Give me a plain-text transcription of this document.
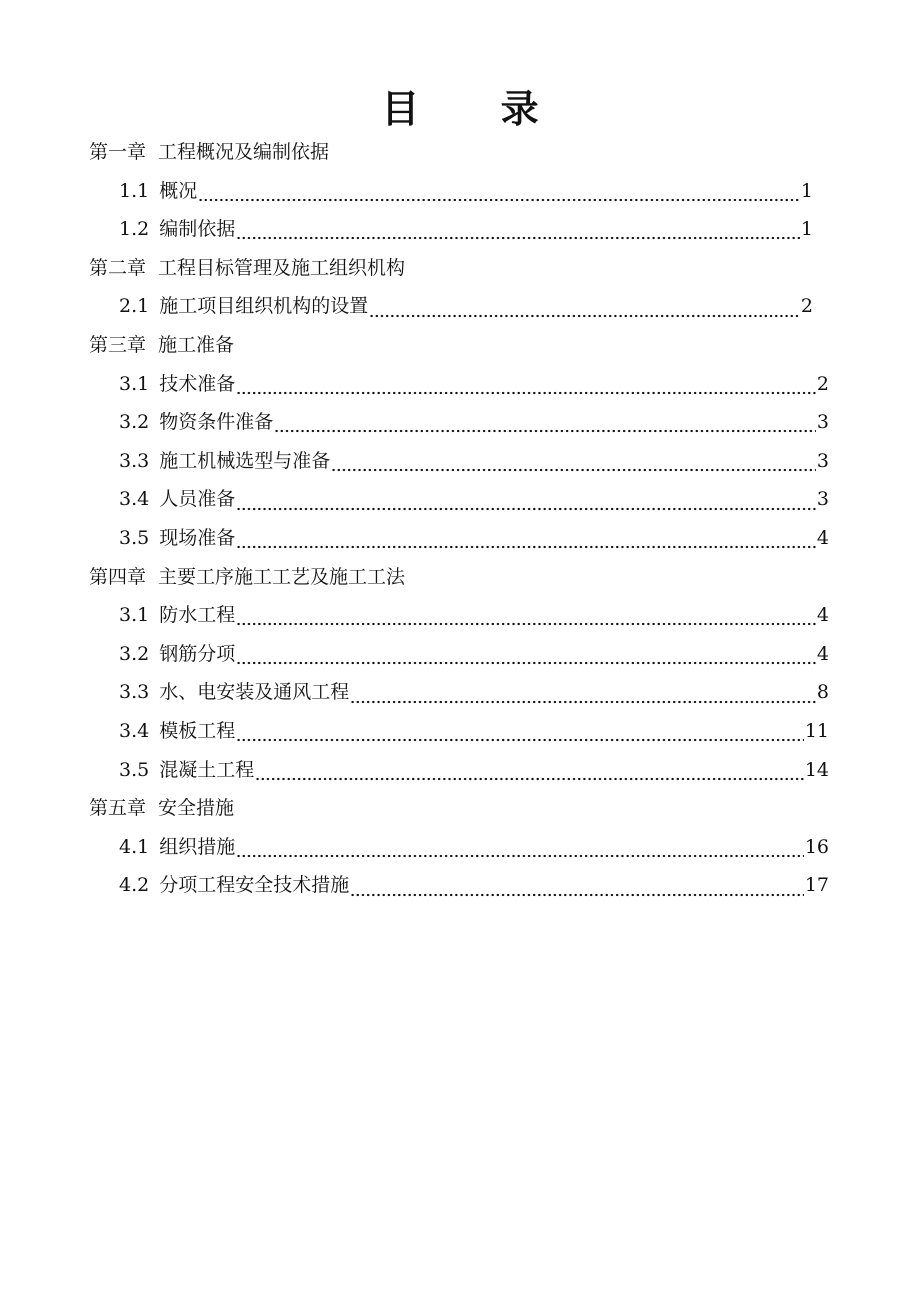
目 录
第一章 工程概况及编制依据
1.1 概况	1
1.2 编制依据	1
第二章 工程目标管理及施工组织机构
2.1 施工项目组织机构的设置	2
第三章 施工准备
3.1 技术准备	2
3.2 物资条件准备	3
3.3 施工机械选型与准备	3
3.4 人员准备	3
3.5 现场准备	4
第四章 主要工序施工工艺及施工工法
3.1 防水工程	4
3.2 钢筋分项	4
3.3 水、电安装及通风工程	8
3.4 模板工程	11
3.5 混凝土工程	14
第五章 安全措施
4.1 组织措施	16
4.2 分项工程安全技术措施	17
